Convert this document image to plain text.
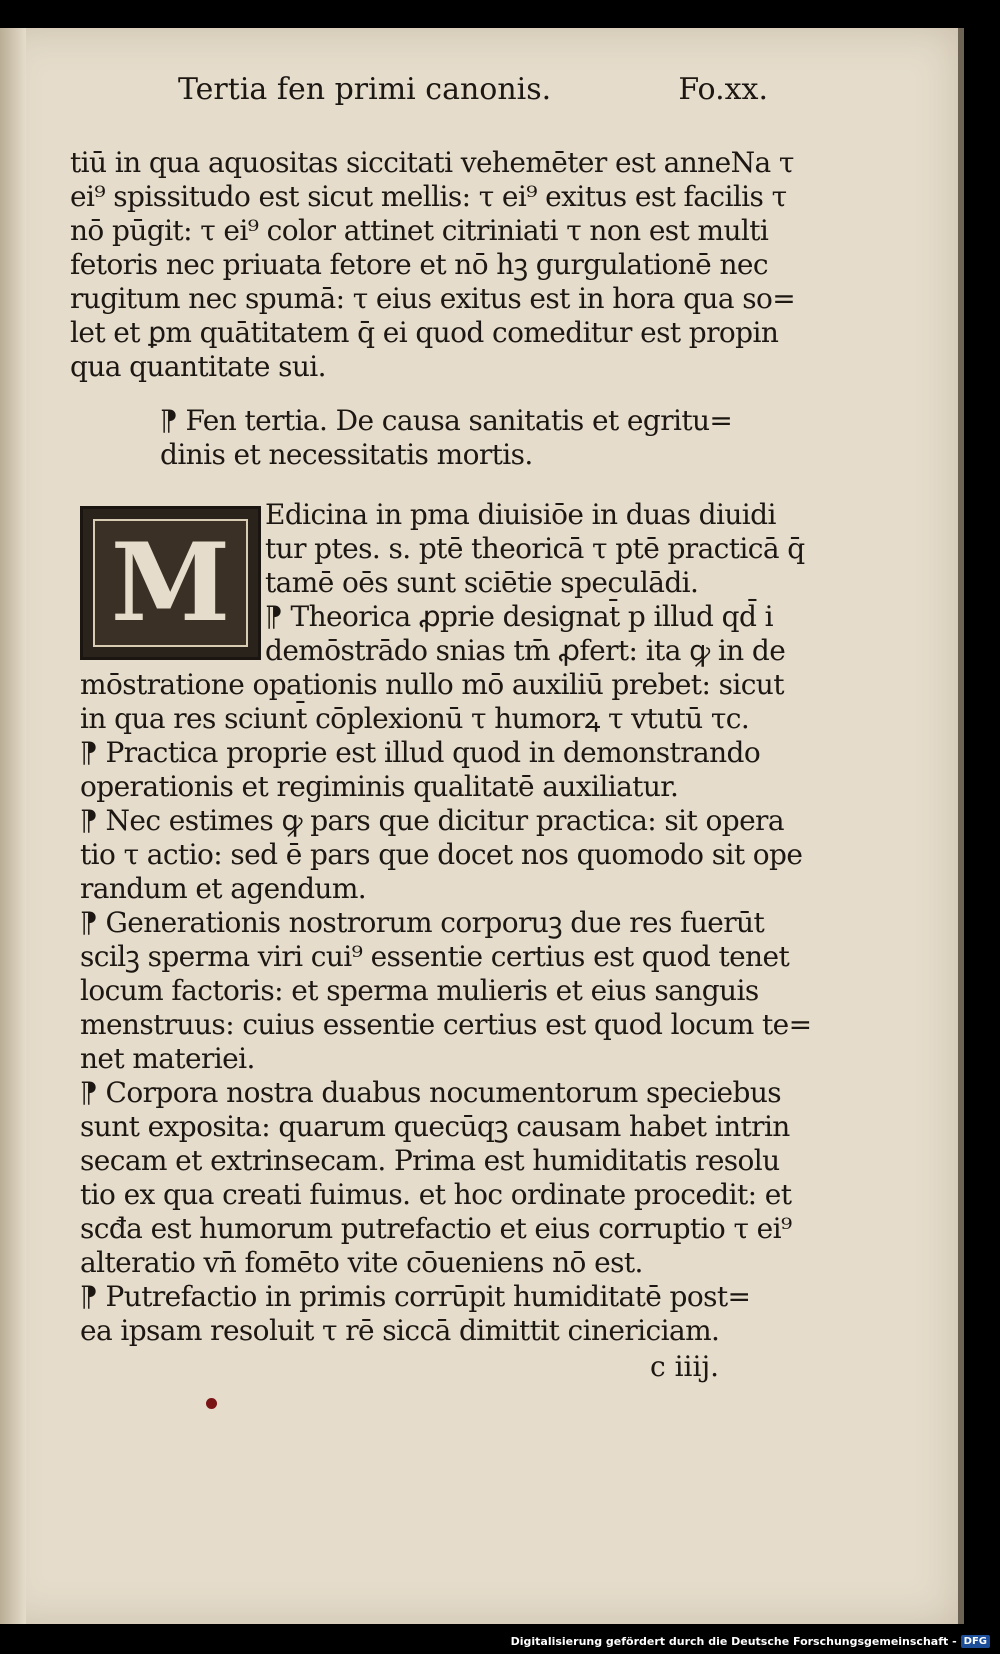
Tertia fen primi canonis.	Fo.xx.
tiū in qua aquositas siccitati vehemēter est anneNa τ
ei⁹ spissitudo est sicut mellis: τ ei⁹ exitus est facilis τ
nō pūgit: τ ei⁹ color attinet citriniati τ non est multi
fetoris nec priuata fetore et nō hꝫ gurgulationē nec
rugitum nec spumā: τ eius exitus est in hora qua so=
let et ꝑm quātitatem q̄ ei quod comeditur est propin
qua quantitate sui.
⁋ Fen tertia. De causa sanitatis et egritu=
dinis et necessitatis mortis.
M
Edicina in pma diuisiōe in duas diuidi
tur ptes. s. ptē theoricā τ ptē practicā q̄
tamē oēs sunt sciētie speculādi.
⁋ Theorica ꝓprie designat̄ p illud qd̄ i
demōstrādo snias tm̄ ꝓfert: ita ꝙ in de
mōstratione opationis nullo mō auxiliū prebet: sicut
in qua res sciunt̄ cōplexionū τ humorꝝ τ vtutū τc.
⁋ Practica proprie est illud quod in demonstrando
operationis et regiminis qualitatē auxiliatur.
⁋ Nec estimes ꝙ pars que dicitur practica: sit opera
tio τ actio: sed ē pars que docet nos quomodo sit ope
randum et agendum.
⁋ Generationis nostrorum corporuꝫ due res fuerūt
scilꝫ sperma viri cui⁹ essentie certius est quod tenet
locum factoris: et sperma mulieris et eius sanguis
menstruus: cuius essentie certius est quod locum te=
net materiei.
⁋ Corpora nostra duabus nocumentorum speciebus
sunt exposita: quarum quecūqꝫ causam habet intrin
secam et extrinsecam. Prima est humiditatis resolu
tio ex qua creati fuimus. et hoc ordinate procedit: et
scđa est humorum putrefactio et eius corruptio τ ei⁹
alteratio vn̄ fomēto vite cōueniens nō est.
⁋ Putrefactio in primis corrūpit humiditatē post=
ea ipsam resoluit τ rē siccā dimittit cinericiam.
c iiij.
Digitalisierung gefördert durch die Deutsche Forschungsgemeinschaft - DFG
